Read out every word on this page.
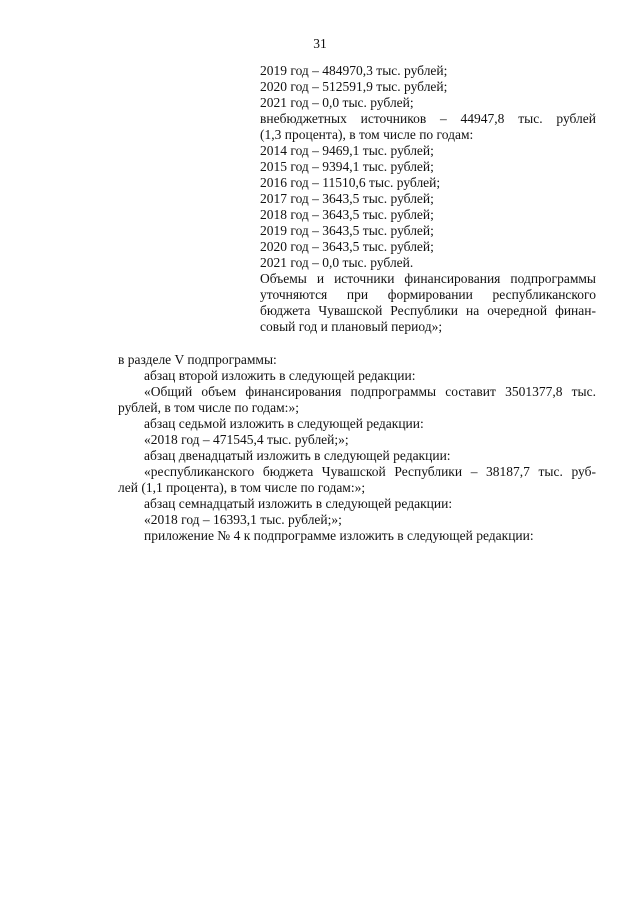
31
2019 год – 484970,3 тыс. рублей;
2020 год – 512591,9 тыс. рублей;
2021 год – 0,0 тыс. рублей;
внебюджетных источников – 44947,8 тыс. рублей
(1,3 процента), в том числе по годам:
2014 год – 9469,1 тыс. рублей;
2015 год – 9394,1 тыс. рублей;
2016 год – 11510,6 тыс. рублей;
2017 год – 3643,5 тыс. рублей;
2018 год – 3643,5 тыс. рублей;
2019 год – 3643,5 тыс. рублей;
2020 год – 3643,5 тыс. рублей;
2021 год – 0,0 тыс. рублей.
Объемы и источники финансирования подпрограммы
уточняются при формировании республиканского
бюджета Чувашской Республики на очередной финан-
совый год и плановый период»;
в разделе V подпрограммы:
абзац второй изложить в следующей редакции:
«Общий объем финансирования подпрограммы составит 3501377,8 тыс.
рублей, в том числе по годам:»;
абзац седьмой изложить в следующей редакции:
«2018 год – 471545,4 тыс. рублей;»;
абзац двенадцатый изложить в следующей редакции:
«республиканского бюджета Чувашской Республики – 38187,7 тыс. руб-
лей (1,1 процента), в том числе по годам:»;
абзац семнадцатый изложить в следующей редакции:
«2018 год – 16393,1 тыс. рублей;»;
приложение № 4 к подпрограмме изложить в следующей редакции:
